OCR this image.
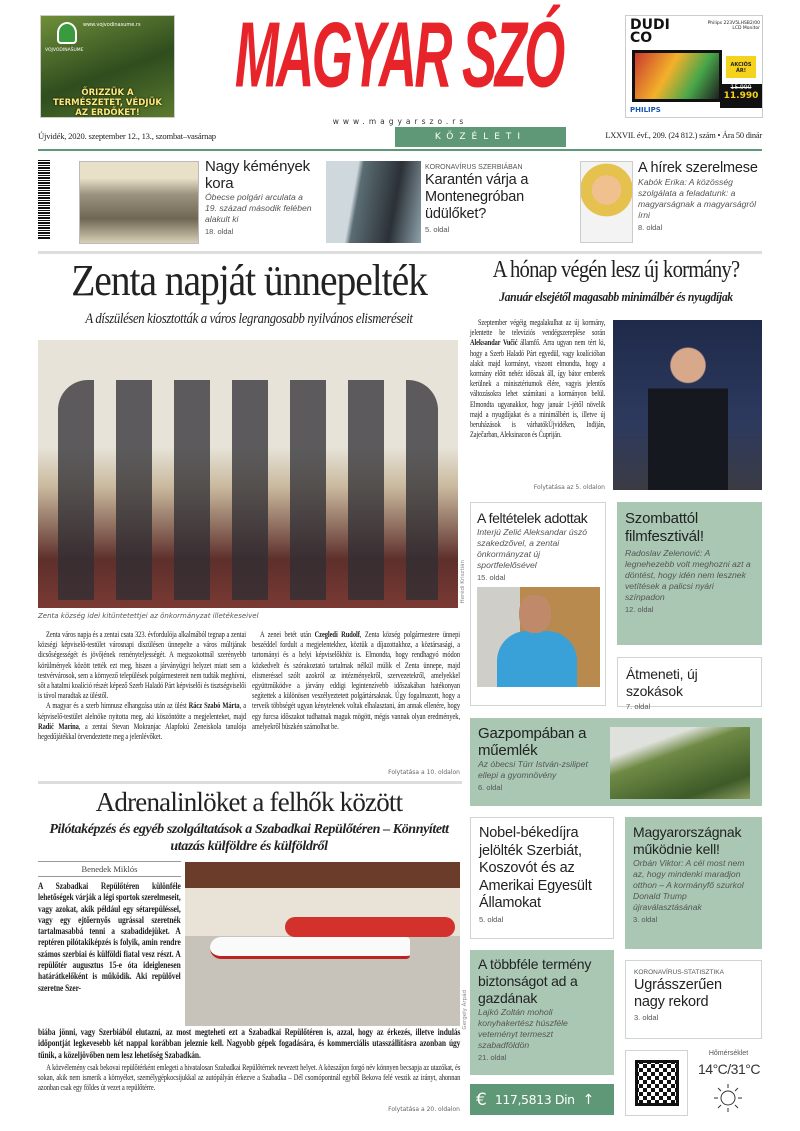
www.vojvodinasume.rs
VOJVODINAŠUME
ŐRIZZÜK A TERMÉSZETET, VÉDJÜK AZ ERDŐKET!
MAGYAR SZÓ
www.magyarszo.rs
DUDICO
Philips 223V5LHSB2/00 LCD Monitor
AKCIÓS ÁR!
15.990
11.990
PHILIPS
Újvidék, 2020. szeptember 12., 13., szombat–vasárnap	KÖZÉLETI NAPILAP
LXXVII. évf., 209. (24 812.) szám • Ára 50 dinár
Nagy kémények kora
Óbecse polgári arculata a 19. század második felében alakult ki
18. oldal
KORONAVÍRUS SZERBIÁBAN
Karantén várja a Montenegróban üdülőket?
5. oldal
A hírek szerelmese
Kabók Erika: A közösség szolgálata a feladatunk: a magyarságnak a magyarságról írni
8. oldal
Zenta napját ünnepelték
A díszülésen kiosztották a város legrangosabb nyilvános elismeréseit
Herédi Krisztián
Zenta község idei kitüntetettjei az önkormányzat illetékeseivel

Zenta város napja és a zentai csata 323. évfordulója alkalmából tegnap a zentai községi képviselő-testület városnapi díszülésen ünnepelte a város múltjának dicsőségességét és jövőjének reményteljességét. A megszokottnál szerényebb körülmények között tették ezt meg, hiszen a járványügyi helyzet miatt sem a testvérvárosok, sem a környező települések polgármestereit nem tudták meghívni, sőt a hatalmi koalíció részét képező Szerb Haladó Párt képviselői és tisztségviselői is távol maradtak az üléstől.

A magyar és a szerb himnusz elhangzása után az ülést Rácz Szabó Márta, a képviselő-testület alelnöke nyitotta meg, aki köszöntötte a megjelenteket, majd Radić Marina, a zentai Stevan Mokranjac Alapfokú Zeneiskola tanulója hegedűjátékkal örvendeztette meg a jelenlévőket.

A zenei betét után Czegledi Rudolf, Zenta község polgármestere ünnepi beszéddel fordult a megjelentekhez, köztük a díjazottakhoz, a köztársasági, a tartományi és a helyi képviselőkhöz is. Elmondta, hogy rendhagyó módon közkedvelt és szórakoztató tartalmak nélkül múlik el Zenta ünnepe, majd elismeréssel szólt azokról az intézményekről, szervezetekről, amelyekkel együttműködve a járvány eddigi legintenzívebb időszakában hatékonyan segítettek a különösen veszélyeztetett polgártársaknak. Úgy fogalmazott, hogy a terveik többségét ugyan kénytelenek voltak elhalasztani, ám annak ellenére, hogy egy furcsa időszakot tudhatnak maguk mögött, mégis vannak olyan eredmények, amelyekről büszkén számolhat be.

Folytatása a 10. oldalon
Adrenalinlöket a felhők között
Pilótaképzés és egyéb szolgáltatások a Szabadkai Repülőtéren – Könnyített utazás külföldre és külföldről
Benedek Miklós
A Szabadkai Repülőtéren különféle lehetőségek várják a légi sportok szerelmeseit, vagy azokat, akik például egy sétarepüléssel, vagy egy ejtőernyős ugrással szeretnék tartalmasabbá tenni a szabadidejüket. A reptéren pilótakiképzés is folyik, amin rendre számos szerbiai és külföldi fiatal vesz részt. A repülőtér augusztus 15-e óta ideiglenesen határátkelőként is működik. Aki repülővel szeretne Szer-
Gergely Árpád
biába jönni, vagy Szerbiából elutazni, az most megteheti ezt a Szabadkai Repülőtéren is, azzal, hogy az érkezés, illetve indulás időpontját legkevesebb két nappal korábban jeleznie kell. Nagyobb gépek fogadására, és kommerciális utasszállításra azonban úgy tűnik, a közeljövőben nem lesz lehetőség Szabadkán.
A közvélemény csak bekovai repülőtérként emlegeti a hivatalosan Szabadkai Repülőtérnek nevezett helyet. A közszájon forgó név könnyen becsapja az utazókat, és sokan, akik nem ismerik a környéket, személygépkocsijukkal az autópályán érkezve a Szabadka – Dél csomópontnál egyből Bekova felé veszik az irányt, ahonnan azonban csak egy földes út vezet a repülőtérre.
Folytatása a 20. oldalon
A hónap végén lesz új kormány?
Január elsejétől magasabb minimálbér és nyugdíjak
Szeptember végéig megalakulhat az új kormány, jelentette be televíziós vendégszereplése során Aleksandar Vučić államfő. Arra ugyan nem tért ki, hogy a Szerb Haladó Párt egyedül, vagy koalícióban alakít majd kormányt, viszont elmondta, hogy a kormány előtt nehéz időszak áll, így bátor emberek kerülnek a minisztériumok élére, vagyis jelentős változásokra lehet számítani a kormányon belül. Elmondta ugyanakkor, hogy január 1-jétől növelik majd a nyugdíjakat és a minimálbért is, illetve új beruházások is várhatókÚjvidéken, Inđiján, Zaječarban, Aleksinacon és Ćupriján.
Folytatása az 5. oldalon
A feltételek adottak
Interjú Zelić Aleksandar úszó szakedzővel, a zentai önkormányzat új sportfelelősével
15. oldal
Szombattól filmfesztivál!
Radoslav Zelenović: A legnehezebb volt meghozni azt a döntést, hogy idén nem lesznek vetítések a palicsi nyári színpadon
12. oldal
Átmeneti, új szokások
7. oldal
Gazpompában a műemlék
Az óbecsi Türr István-zsilipet ellepi a gyomnövény
6. oldal
Nobel-békedíjra jelölték Szerbiát, Koszovót és az Amerikai Egyesült Államokat
5. oldal
Magyarországnak működnie kell!
Orbán Viktor: A cél most nem az, hogy mindenki maradjon otthon – A kormányfő szurkol Donald Trump újraválasztásának
3. oldal
A többféle termény biztonságot ad a gazdának
Lajkó Zoltán moholi konyhakertész húszféle veteményt termeszt szabadföldön
21. oldal
KORONAVÍRUS-STATISZTIKA
Ugrásszerűen nagy rekord
3. oldal
€ 117,5813 Din ↑
Hőmérséklet
14°C/31°C
